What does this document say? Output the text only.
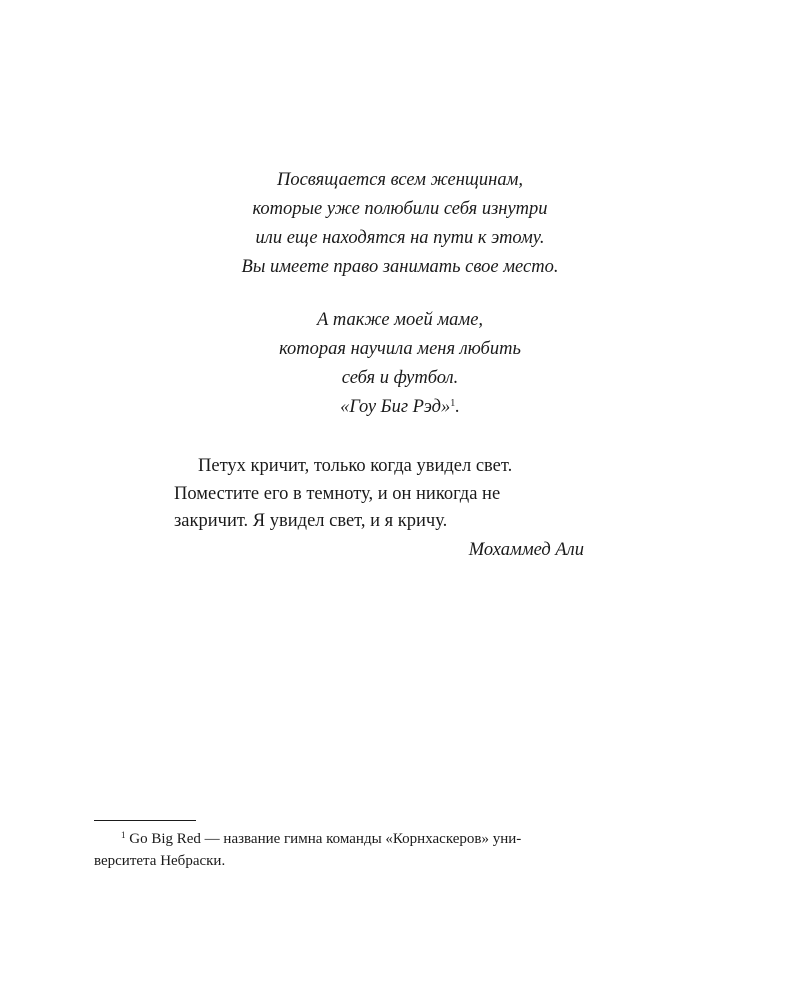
Посвящается всем женщинам,
которые уже полюбили себя изнутри
или еще находятся на пути к этому.
Вы имеете право занимать свое место.
А также моей маме,
которая научила меня любить
себя и футбол.
«Гоу Биг Рэд»$^1$.
Петух кричит, только когда увидел свет.
Поместите его в темноту, и он никогда не
закричит. Я увидел свет, и я кричу.
Мохаммед Али
$^1$ Go Big Red — название гимна команды «Корнхаскеров» уни-
верситета Небраски.
